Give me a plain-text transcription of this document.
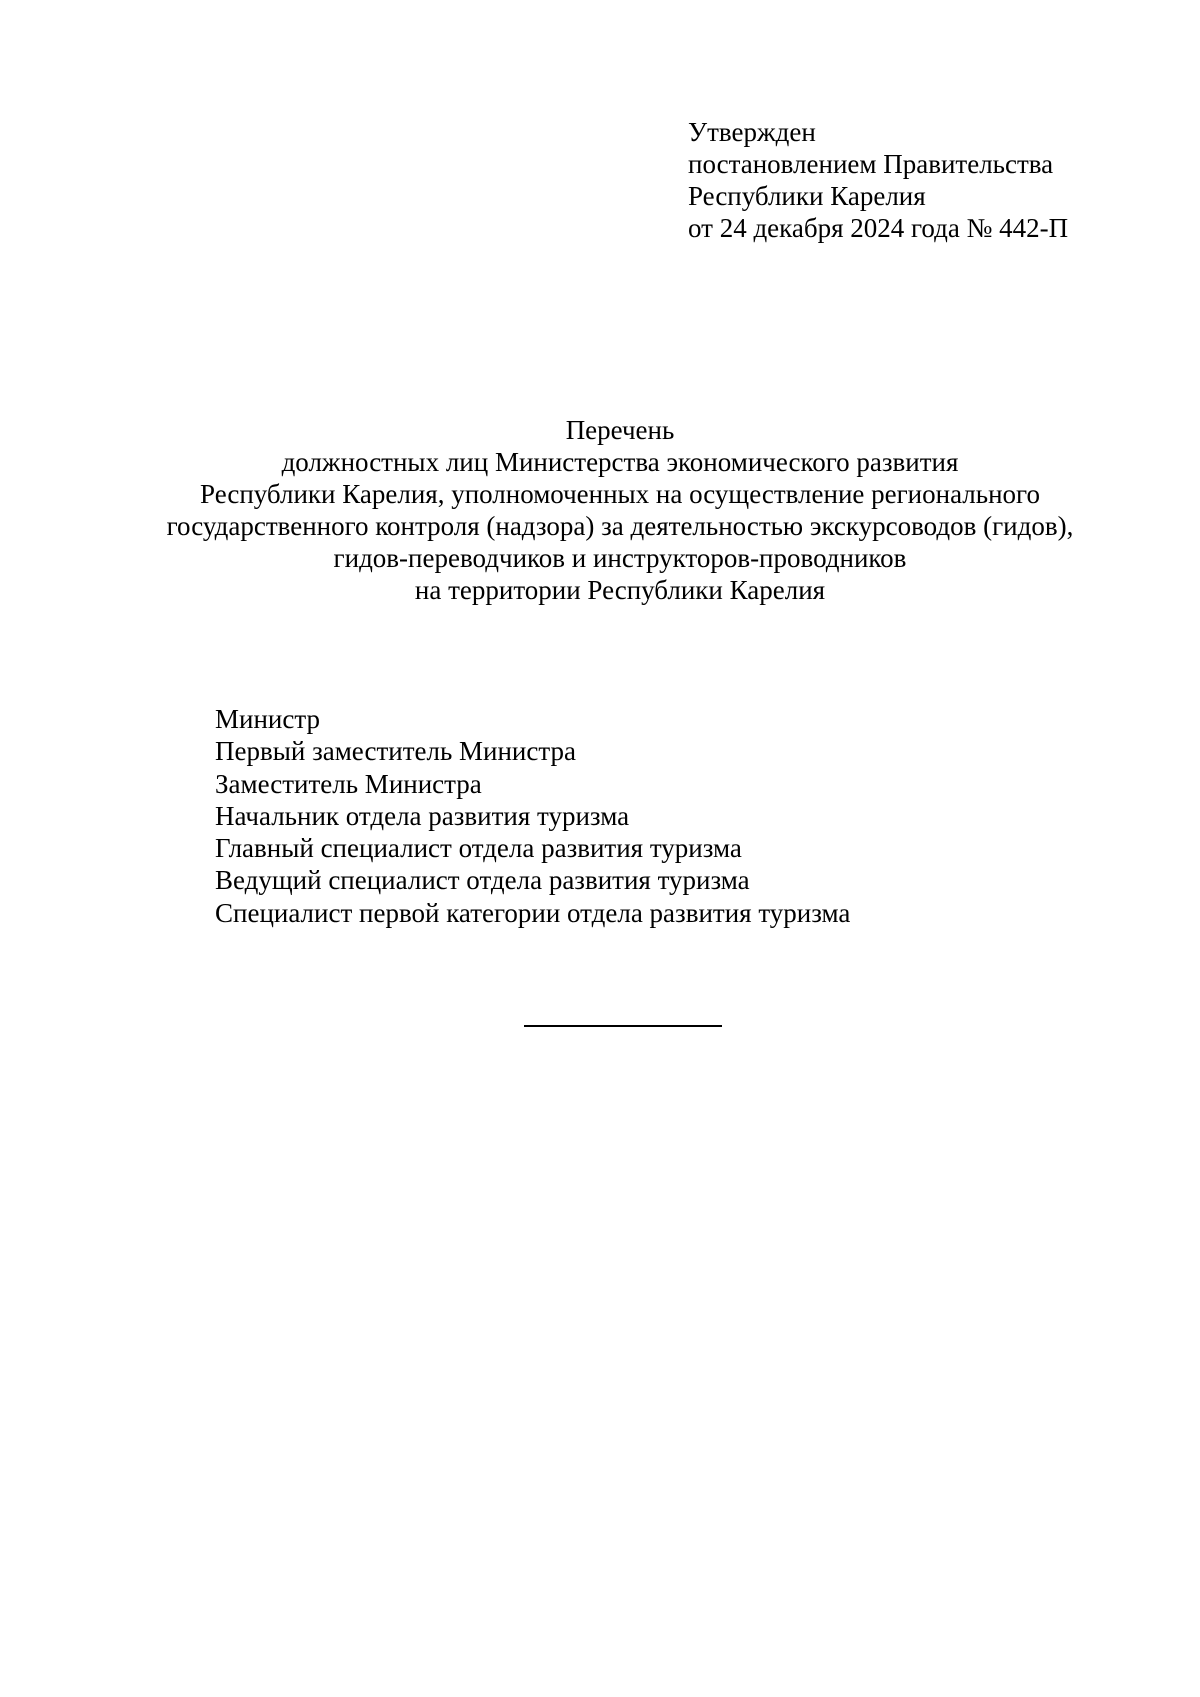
Утвержден
постановлением Правительства
Республики Карелия
от 24 декабря 2024 года № 442-П
Перечень
должностных лиц Министерства экономического развития
Республики Карелия, уполномоченных на осуществление регионального
государственного контроля (надзора) за деятельностью экскурсоводов (гидов),
гидов-переводчиков и инструкторов-проводников
на территории Республики Карелия
Министр
Первый заместитель Министра
Заместитель Министра
Начальник отдела развития туризма
Главный специалист отдела развития туризма
Ведущий специалист отдела развития туризма
Специалист первой категории отдела развития туризма
